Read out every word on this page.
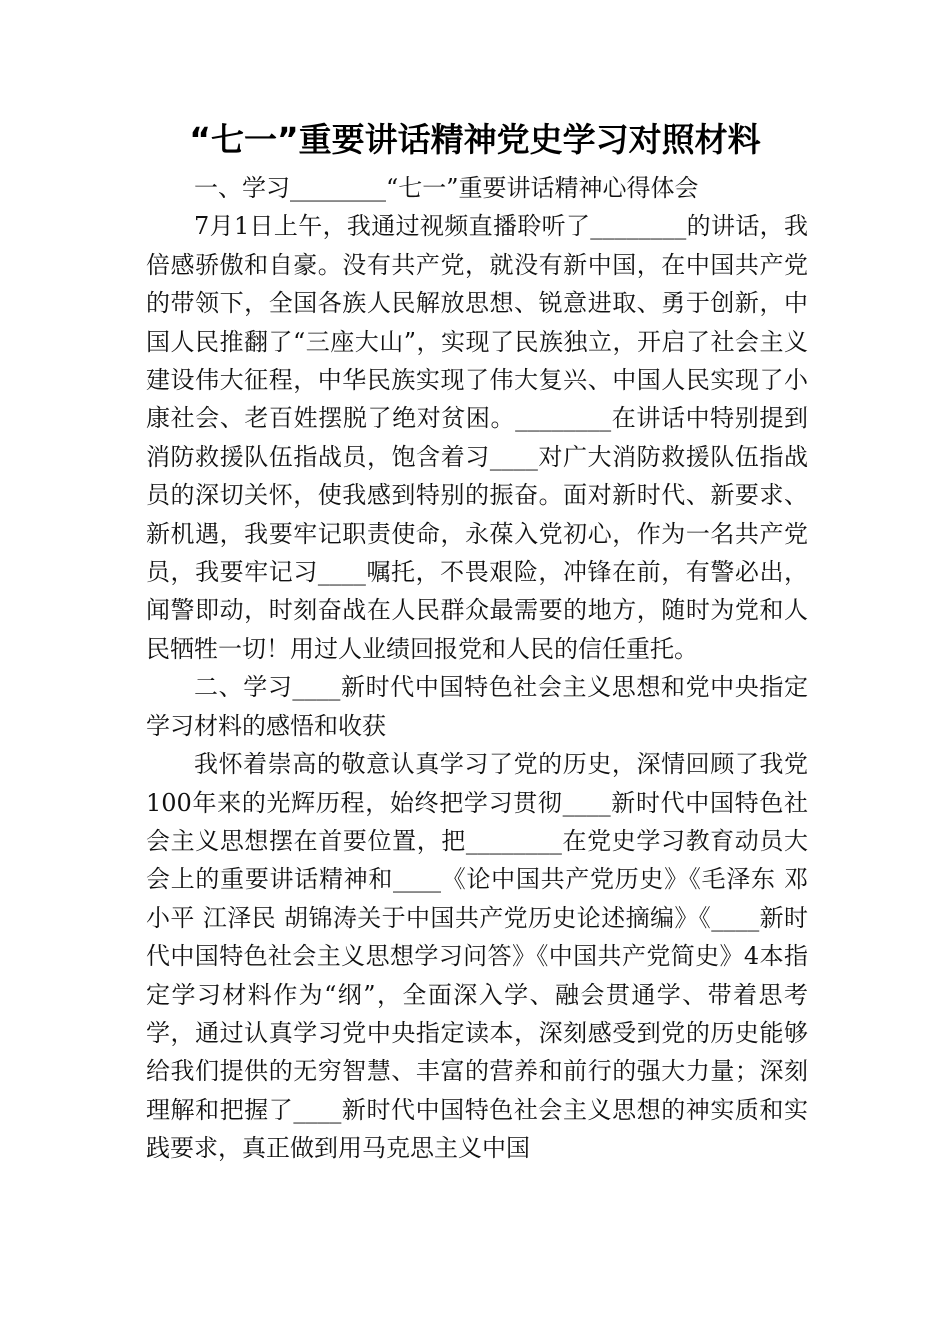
“七一”重要讲话精神党史学习对照材料

一、学习________“七一”重要讲话精神心得体会

7月1日上午，我通过视频直播聆听了________的讲话，我倍感骄傲和自豪。没有共产党，就没有新中国，在中国共产党的带领下，全国各族人民解放思想、锐意进取、勇于创新，中国人民推翻了“三座大山”，实现了民族独立，开启了社会主义建设伟大征程，中华民族实现了伟大复兴、中国人民实现了小康社会、老百姓摆脱了绝对贫困。________在讲话中特别提到消防救援队伍指战员，饱含着习____对广大消防救援队伍指战员的深切关怀，使我感到特别的振奋。面对新时代、新要求、新机遇，我要牢记职责使命，永葆入党初心，作为一名共产党员，我要牢记习____嘱托，不畏艰险，冲锋在前，有警必出，闻警即动，时刻奋战在人民群众最需要的地方，随时为党和人民牺牲一切！用过人业绩回报党和人民的信任重托。

二、学习____新时代中国特色社会主义思想和党中央指定学习材料的感悟和收获

我怀着崇高的敬意认真学习了党的历史，深情回顾了我党100年来的光辉历程，始终把学习贯彻____新时代中国特色社会主义思想摆在首要位置，把________在党史学习教育动员大会上的重要讲话精神和____《论中国共产党历史》《毛泽东 邓小平 江泽民 胡锦涛关于中国共产党历史论述摘编》《____新时代中国特色社会主义思想学习问答》《中国共产党简史》4本指定学习材料作为“纲”，全面深入学、融会贯通学、带着思考学，通过认真学习党中央指定读本，深刻感受到党的历史能够给我们提供的无穷智慧、丰富的营养和前行的强大力量；深刻理解和把握了____新时代中国特色社会主义思想的神实质和实践要求，真正做到用马克思主义中国
